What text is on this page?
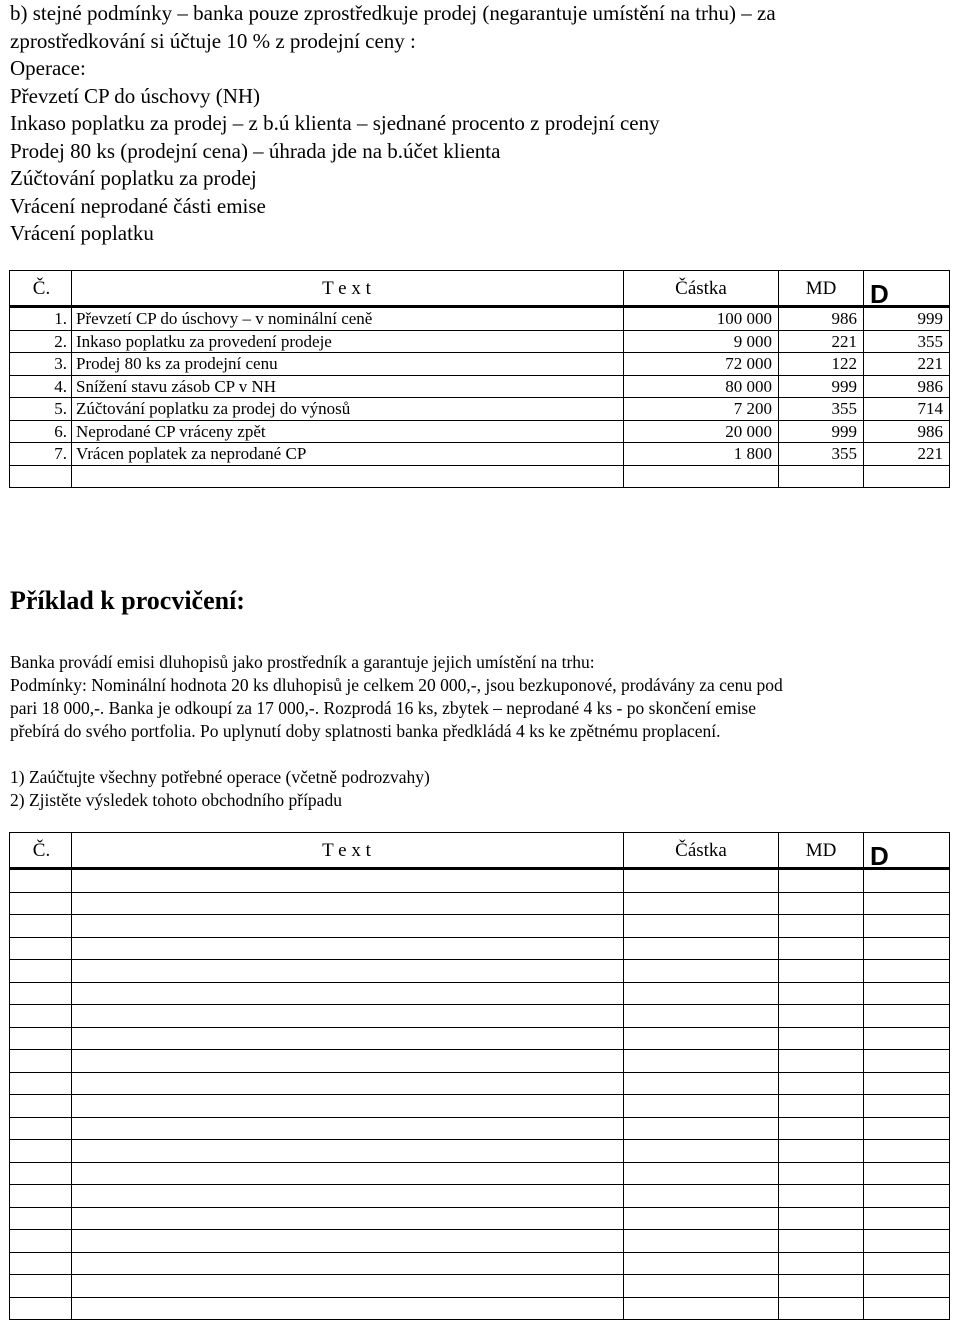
b) stejné podmínky – banka pouze zprostředkuje prodej (negarantuje umístění na trhu) – za
zprostředkování si účtuje 10 % z prodejní ceny :
Operace:
Převzetí CP do úschovy (NH)
Inkaso poplatku za prodej – z b.ú klienta – sjednané procento z prodejní ceny
Prodej 80 ks (prodejní cena) – úhrada jde na b.účet klienta
Zúčtování poplatku za prodej
Vrácení neprodané části emise
Vrácení poplatku
Č.	T e x t	Částka	MD	D
1.	Převzetí CP do úschovy – v nominální ceně	100 000	986	999
2.	Inkaso poplatku za provedení prodeje	9 000	221	355
3.	Prodej 80 ks za prodejní cenu	72 000	122	221
4.	Snížení stavu zásob CP v NH	80 000	999	986
5.	Zúčtování poplatku za prodej do výnosů	7 200	355	714
6.	Neprodané CP vráceny zpět	20 000	999	986
7.	Vrácen poplatek za neprodané CP	1 800	355	221

Příklad k procvičení:
Banka provádí emisi dluhopisů jako prostředník a garantuje jejich umístění na trhu:
Podmínky: Nominální hodnota 20 ks dluhopisů je celkem 20 000,-, jsou bezkuponové, prodávány za cenu pod
pari 18 000,-. Banka je odkoupí za 17 000,-. Rozprodá 16 ks, zbytek – neprodané 4 ks - po skončení emise
přebírá do svého portfolia. Po uplynutí doby splatnosti banka předkládá 4 ks ke zpětnému proplacení.
1) Zaúčtujte všechny potřebné operace (včetně podrozvahy)
2) Zjistěte výsledek tohoto obchodního případu
Č.	T e x t	Částka	MD	D
